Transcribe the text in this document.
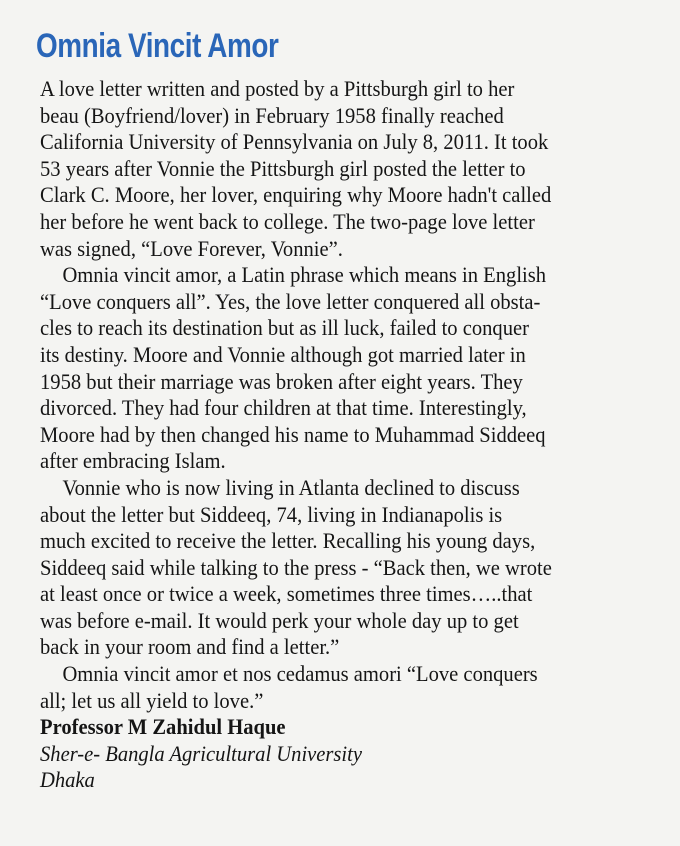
Omnia Vincit Amor
A love letter written and posted by a Pittsburgh girl to her
beau (Boyfriend/lover) in February 1958 finally reached
California University of Pennsylvania on July 8, 2011. It took
53 years after Vonnie the Pittsburgh girl posted the letter to
Clark C. Moore, her lover, enquiring why Moore hadn't called
her before he went back to college. The two-page love letter
was signed, “Love Forever, Vonnie”.
Omnia vincit amor, a Latin phrase which means in English
“Love conquers all”. Yes, the love letter conquered all obsta-
cles to reach its destination but as ill luck, failed to conquer
its destiny. Moore and Vonnie although got married later in
1958 but their marriage was broken after eight years. They
divorced. They had four children at that time. Interestingly,
Moore had by then changed his name to Muhammad Siddeeq
after embracing Islam.
Vonnie who is now living in Atlanta declined to discuss
about the letter but Siddeeq, 74, living in Indianapolis is
much excited to receive the letter. Recalling his young days,
Siddeeq said while talking to the press - “Back then, we wrote
at least once or twice a week, sometimes three times…..that
was before e-mail. It would perk your whole day up to get
back in your room and find a letter.”
Omnia vincit amor et nos cedamus amori “Love conquers
all; let us all yield to love.”
Professor M Zahidul Haque
Sher-e- Bangla Agricultural University
Dhaka
